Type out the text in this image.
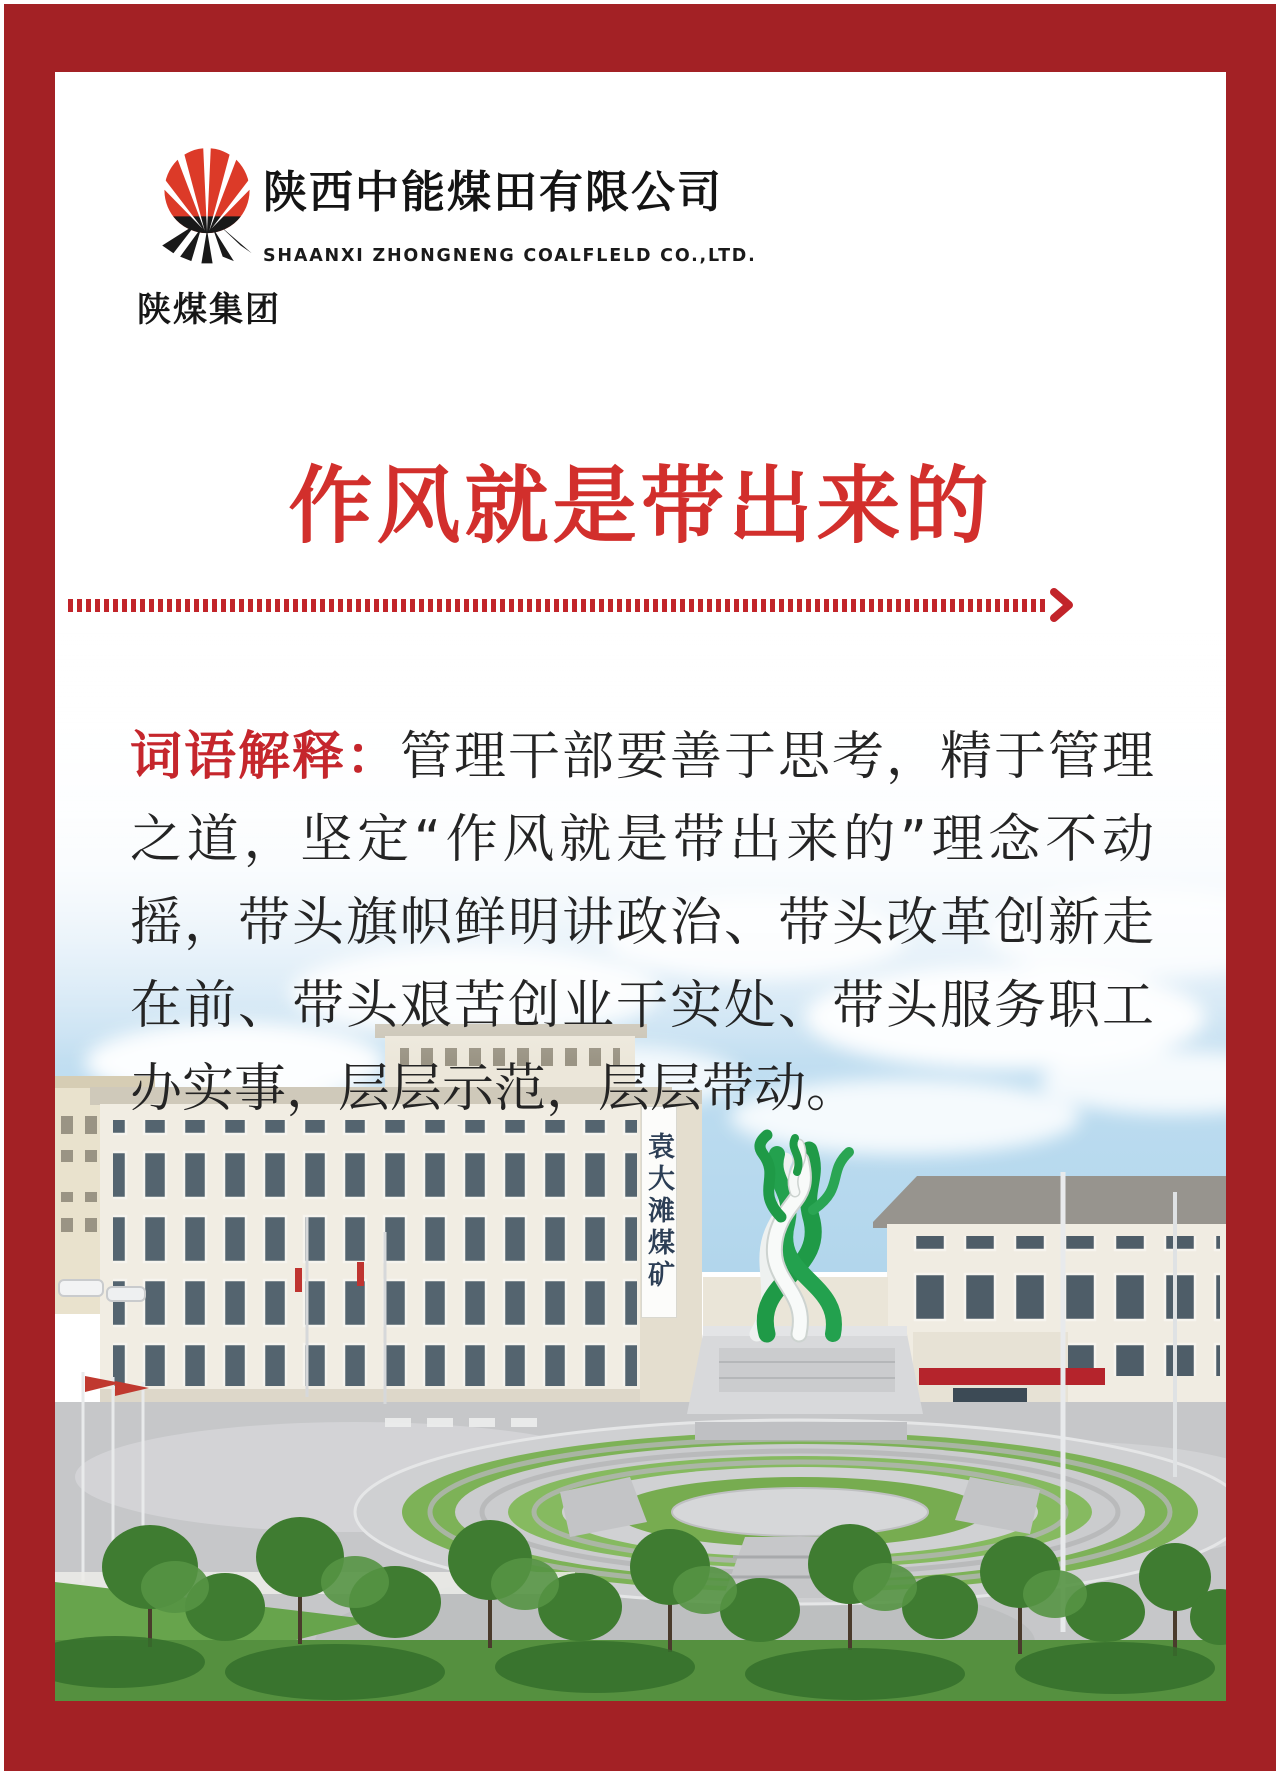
陕煤集团
陕西中能煤田有限公司
SHAANXI ZHONGNENG COALFLELD CO.,LTD.
作风就是带出来的

词语解释：管理干部要善于思考，精于管理之道，坚定“作风就是带出来的”理念不动摇，带头旗帜鲜明讲政治、带头改革创新走在前、带头艰苦创业干实处、带头服务职工办实事，层层示范，层层带动。

袁大滩煤矿
